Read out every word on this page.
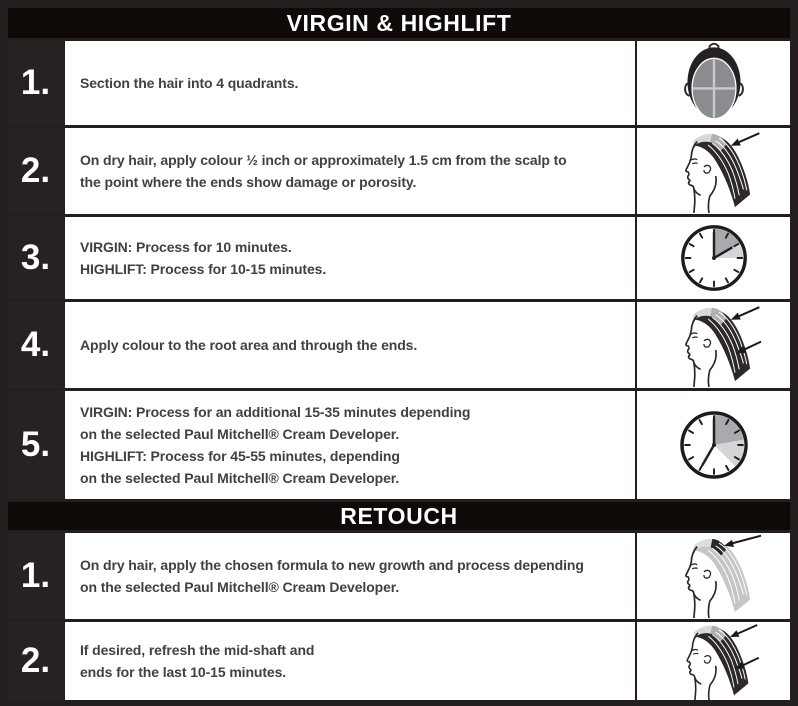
VIRGIN & HIGHLIFT
1. Section the hair into 4 quadrants.
2. On dry hair, apply colour ½ inch or approximately 1.5 cm from the scalp to
the point where the ends show damage or porosity.
3. VIRGIN: Process for 10 minutes.
HIGHLIFT: Process for 10-15 minutes.
4. Apply colour to the root area and through the ends.
5.
VIRGIN: Process for an additional 15-35 minutes depending
on the selected Paul Mitchell® Cream Developer.
HIGHLIFT: Process for 45-55 minutes, depending
on the selected Paul Mitchell® Cream Developer.
RETOUCH
1. On dry hair, apply the chosen formula to new growth and process depending
on the selected Paul Mitchell® Cream Developer.
2. If desired, refresh the mid-shaft and
ends for the last 10-15 minutes.
